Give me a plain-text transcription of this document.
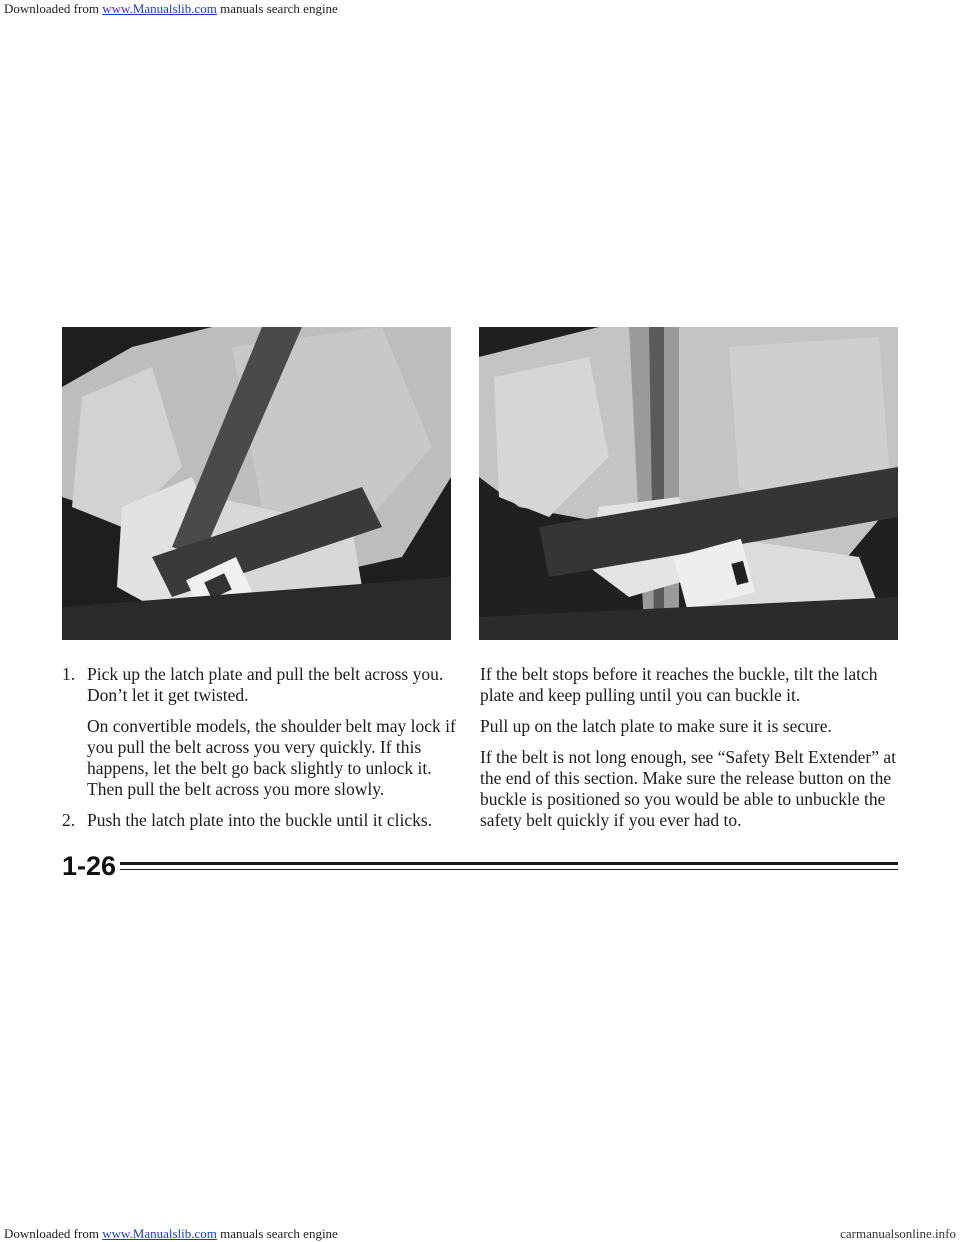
Downloaded from www.Manualslib.com manuals search engine
1. Pick up the latch plate and pull the belt across you. Don’t let it get twisted.

On convertible models, the shoulder belt may lock if you pull the belt across you very quickly. If this happens, let the belt go back slightly to unlock it. Then pull the belt across you more slowly.

2. Push the latch plate into the buckle until it clicks.

If the belt stops before it reaches the buckle, tilt the latch plate and keep pulling until you can buckle it.

Pull up on the latch plate to make sure it is secure.

If the belt is not long enough, see “Safety Belt Extender” at the end of this section. Make sure the release button on the buckle is positioned so you would be able to unbuckle the safety belt quickly if you ever had to.

1-26
Downloaded from www.Manualslib.com manuals search engine	carmanualsonline.info
